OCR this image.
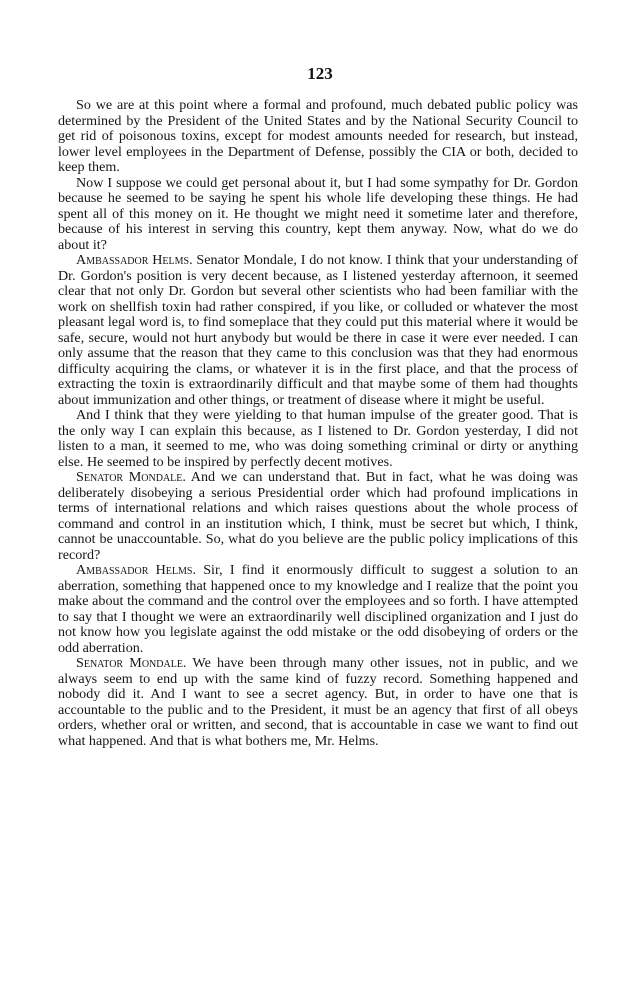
123

So we are at this point where a formal and profound, much debated public policy was determined by the President of the United States and by the National Security Council to get rid of poisonous toxins, except for modest amounts needed for research, but instead, lower level employees in the Department of Defense, possibly the CIA or both, decided to keep them.

Now I suppose we could get personal about it, but I had some sympathy for Dr. Gordon because he seemed to be saying he spent his whole life developing these things. He had spent all of this money on it. He thought we might need it sometime later and therefore, because of his interest in serving this country, kept them anyway. Now, what do we do about it?

Ambassador Helms. Senator Mondale, I do not know. I think that your understanding of Dr. Gordon's position is very decent because, as I listened yesterday afternoon, it seemed clear that not only Dr. Gordon but several other scientists who had been familiar with the work on shellfish toxin had rather conspired, if you like, or colluded or whatever the most pleasant legal word is, to find someplace that they could put this material where it would be safe, secure, would not hurt anybody but would be there in case it were ever needed. I can only assume that the reason that they came to this conclusion was that they had enormous difficulty acquiring the clams, or whatever it is in the first place, and that the process of extracting the toxin is extraordinarily difficult and that maybe some of them had thoughts about immunization and other things, or treatment of disease where it might be useful.

And I think that they were yielding to that human impulse of the greater good. That is the only way I can explain this because, as I listened to Dr. Gordon yesterday, I did not listen to a man, it seemed to me, who was doing something criminal or dirty or anything else. He seemed to be inspired by perfectly decent motives.

Senator Mondale. And we can understand that. But in fact, what he was doing was deliberately disobeying a serious Presidential order which had profound implications in terms of international relations and which raises questions about the whole process of command and control in an institution which, I think, must be secret but which, I think, cannot be unaccountable. So, what do you believe are the public policy implications of this record?

Ambassador Helms. Sir, I find it enormously difficult to suggest a solution to an aberration, something that happened once to my knowledge and I realize that the point you make about the command and the control over the employees and so forth. I have attempted to say that I thought we were an extraordinarily well disciplined organization and I just do not know how you legislate against the odd mistake or the odd disobeying of orders or the odd aberration.

Senator Mondale. We have been through many other issues, not in public, and we always seem to end up with the same kind of fuzzy record. Something happened and nobody did it. And I want to see a secret agency. But, in order to have one that is accountable to the public and to the President, it must be an agency that first of all obeys orders, whether oral or written, and second, that is accountable in case we want to find out what happened. And that is what bothers me, Mr. Helms.
